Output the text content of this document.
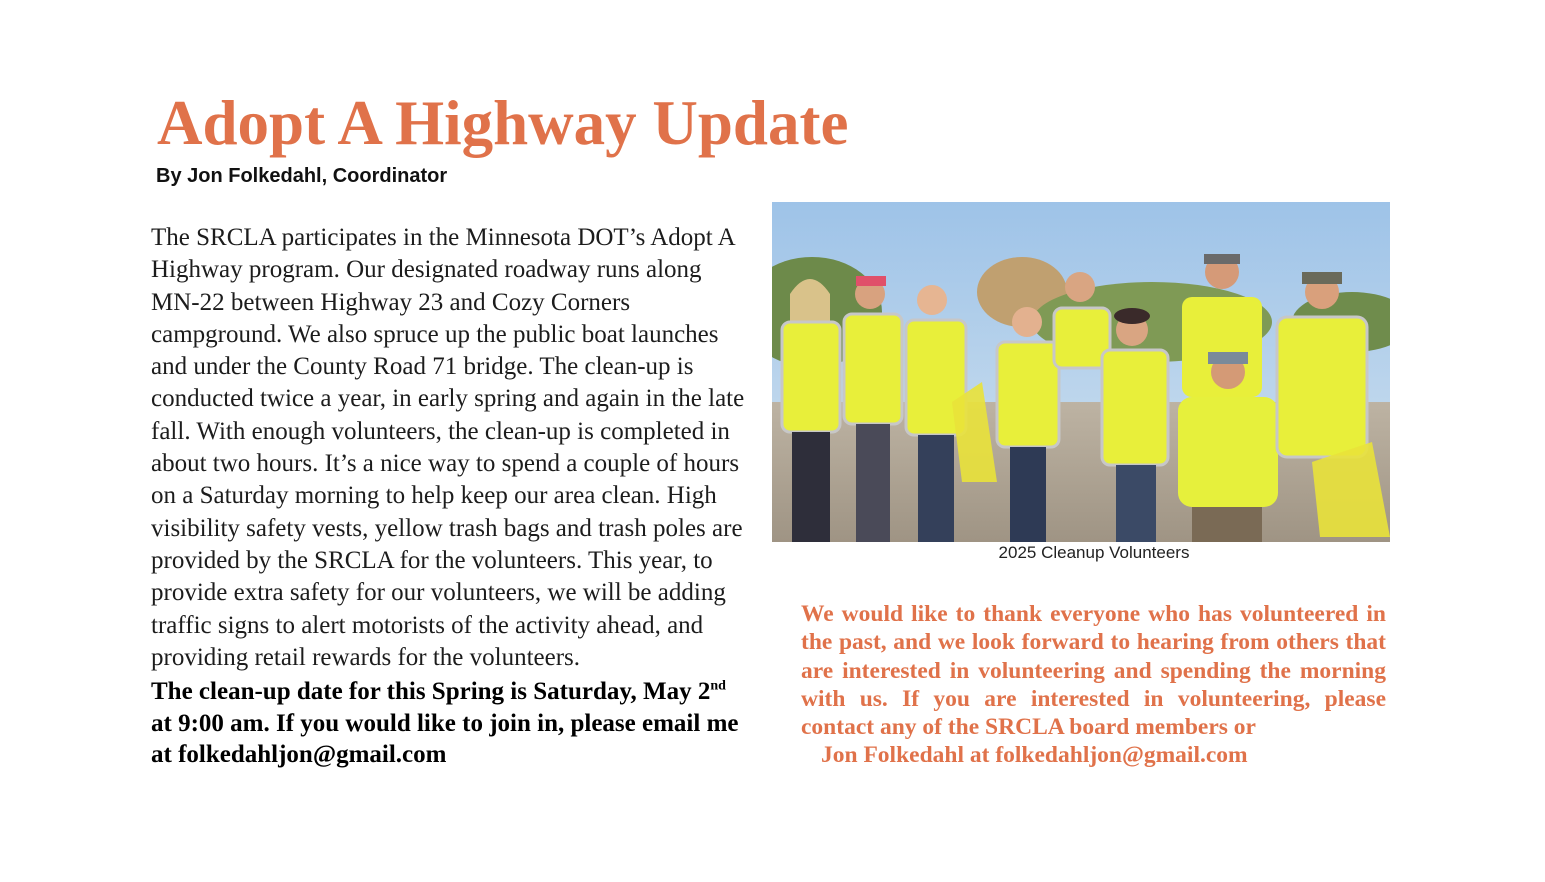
Adopt A Highway Update
By Jon Folkedahl, Coordinator

The SRCLA participates in the Minnesota DOT’s Adopt A Highway program. Our designated roadway runs along MN-22 between Highway 23 and Cozy Corners campground. We also spruce up the public boat launches and under the County Road 71 bridge. The clean-up is conducted twice a year, in early spring and again in the late fall. With enough volunteers, the clean-up is completed in about two hours. It’s a nice way to spend a couple of hours on a Saturday morning to help keep our area clean. High visibility safety vests, yellow trash bags and trash poles are provided by the SRCLA for the volunteers. This year, to provide extra safety for our volunteers, we will be adding traffic signs to alert motorists of the activity ahead, and providing retail rewards for the volunteers.

The clean-up date for this Spring is Saturday, May 2nd at 9:00 am. If you would like to join in, please email me at folkedahljon@gmail.com

2025 Cleanup Volunteers

We would like to thank everyone who has volunteered in the past, and we look forward to hearing from others that are interested in volunteering and spending the morning with us. If you are interested in volunteering, please contact any of the SRCLA board members or

Jon Folkedahl at folkedahljon@gmail.com
